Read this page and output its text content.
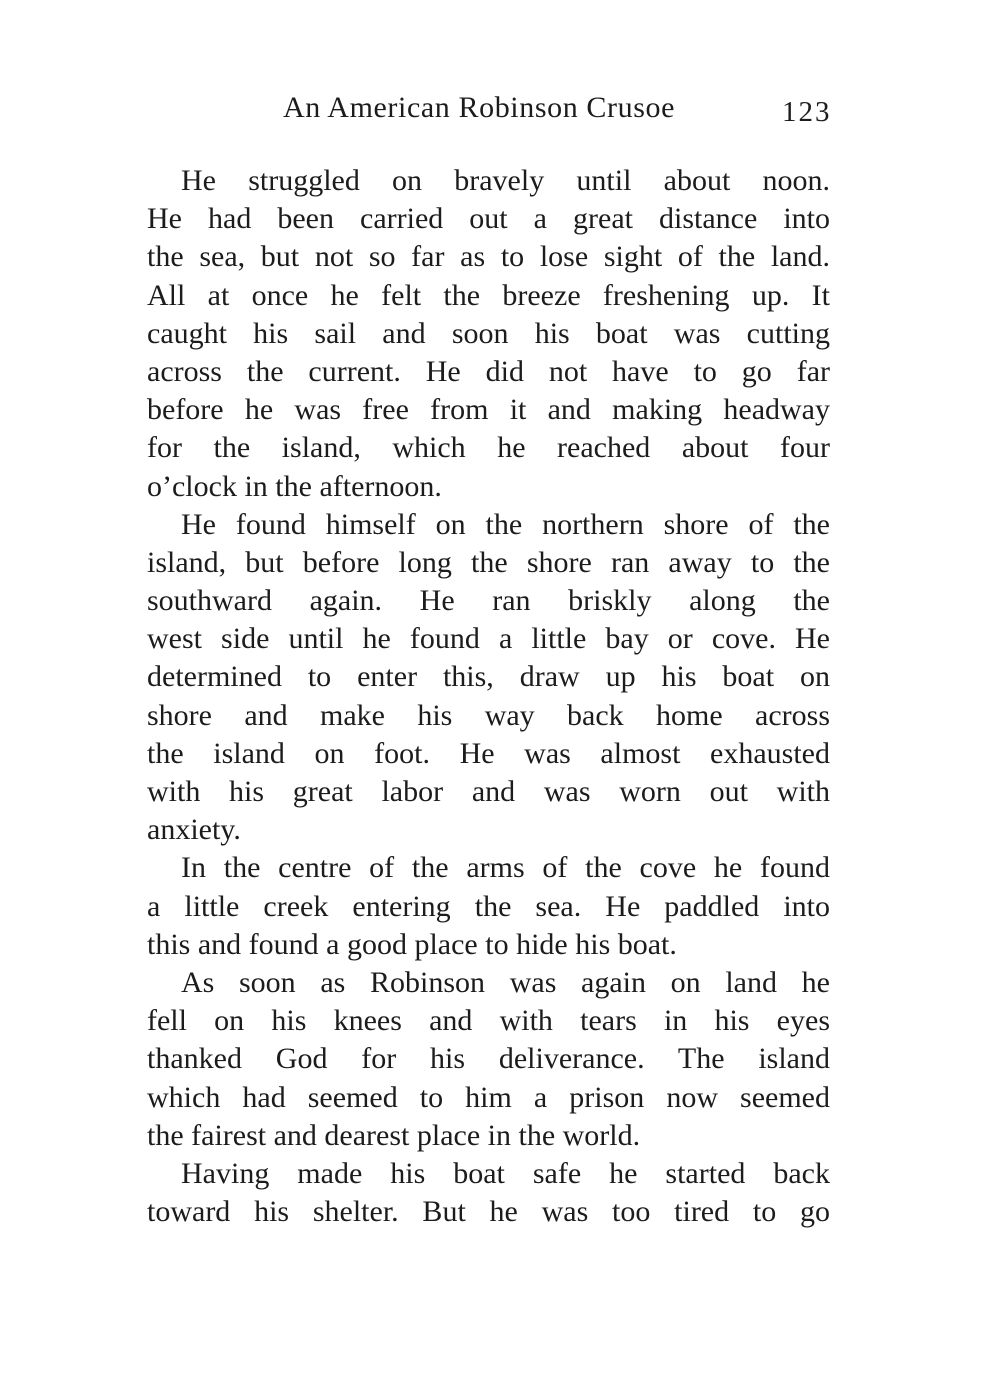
An American Robinson Crusoe	123
He struggled on bravely until about noon.
He had been carried out a great distance into
the sea, but not so far as to lose sight of the land.
All at once he felt the breeze freshening up. It
caught his sail and soon his boat was cutting
across the current. He did not have to go far
before he was free from it and making headway
for the island, which he reached about four
o’clock in the afternoon.
He found himself on the northern shore of the
island, but before long the shore ran away to the
southward again. He ran briskly along the
west side until he found a little bay or cove. He
determined to enter this, draw up his boat on
shore and make his way back home across
the island on foot. He was almost exhausted
with his great labor and was worn out with
anxiety.
In the centre of the arms of the cove he found
a little creek entering the sea. He paddled into
this and found a good place to hide his boat.
As soon as Robinson was again on land he
fell on his knees and with tears in his eyes
thanked God for his deliverance. The island
which had seemed to him a prison now seemed
the fairest and dearest place in the world.
Having made his boat safe he started back
toward his shelter. But he was too tired to go
